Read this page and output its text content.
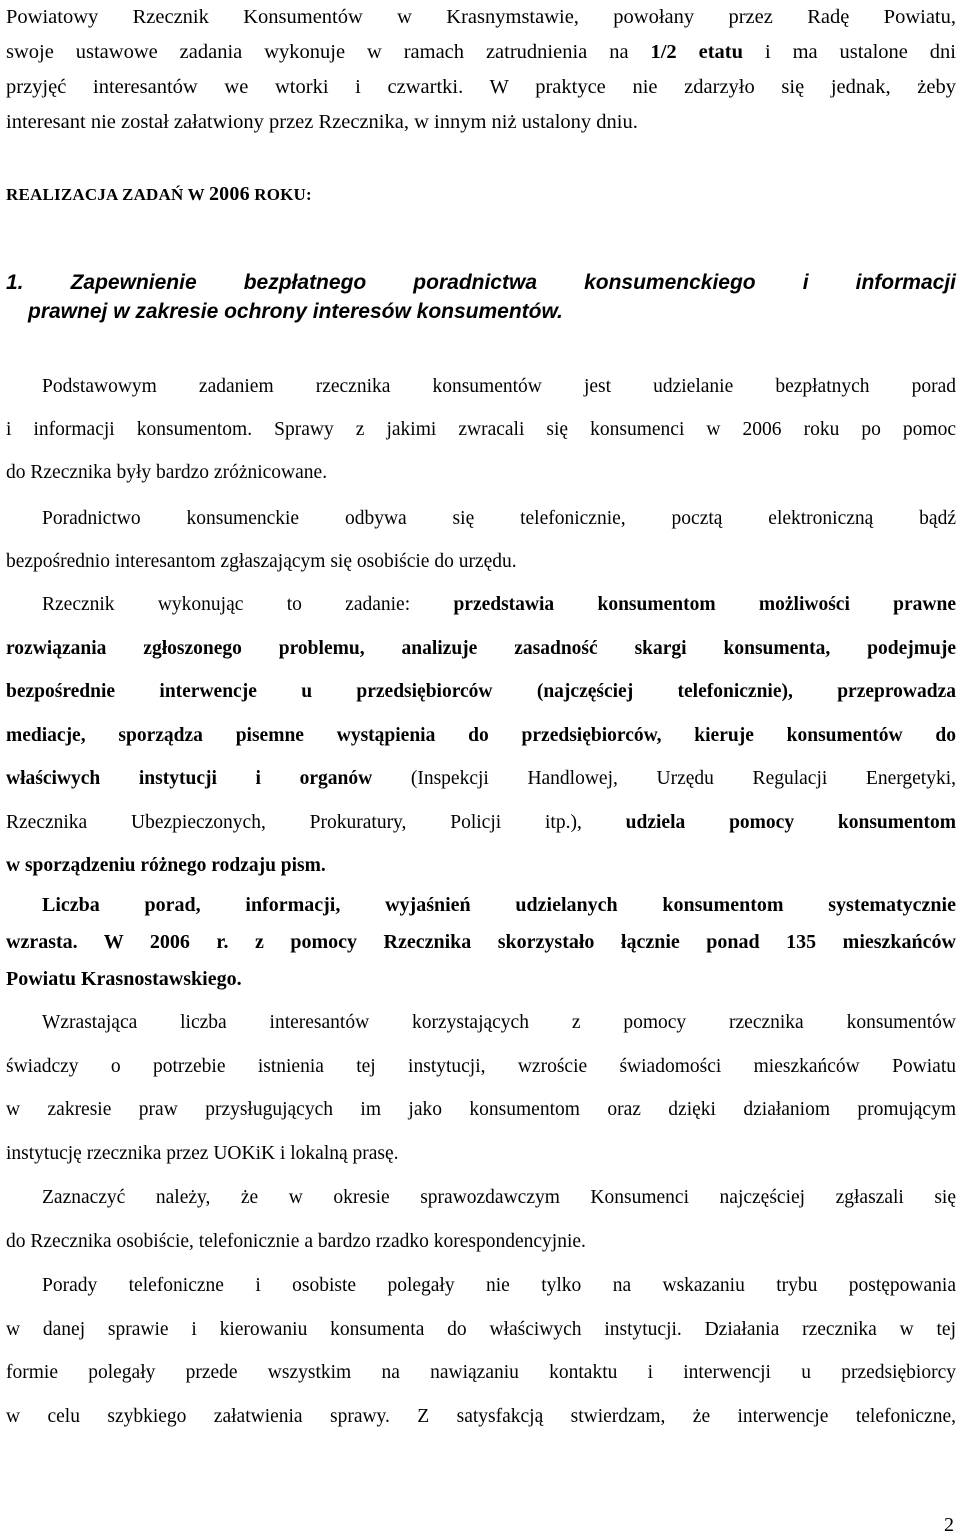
Powiatowy Rzecznik Konsumentów w Krasnymstawie, powołany przez Radę Powiatu,
swoje ustawowe zadania wykonuje w ramach zatrudnienia na 1/2 etatu i ma ustalone dni
przyjęć interesantów we wtorki i czwartki. W praktyce nie zdarzyło się jednak, żeby
interesant nie został załatwiony przez Rzecznika, w innym niż ustalony dniu.
REALIZACJA ZADAŃ W 2006 ROKU:
1. Zapewnienie bezpłatnego poradnictwa konsumenckiego i informacji
prawnej w zakresie ochrony interesów konsumentów.
Podstawowym zadaniem rzecznika konsumentów jest udzielanie bezpłatnych porad
i informacji konsumentom. Sprawy z jakimi zwracali się konsumenci w 2006 roku po pomoc
do Rzecznika były bardzo zróżnicowane.
Poradnictwo konsumenckie odbywa się telefonicznie, pocztą elektroniczną bądź
bezpośrednio interesantom zgłaszającym się osobiście do urzędu.
Rzecznik wykonując to zadanie: przedstawia konsumentom możliwości prawne
rozwiązania zgłoszonego problemu, analizuje zasadność skargi konsumenta, podejmuje
bezpośrednie interwencje u przedsiębiorców (najczęściej telefonicznie), przeprowadza
mediacje, sporządza pisemne wystąpienia do przedsiębiorców, kieruje konsumentów do
właściwych instytucji i organów (Inspekcji Handlowej, Urzędu Regulacji Energetyki,
Rzecznika Ubezpieczonych, Prokuratury, Policji itp.), udziela pomocy konsumentom
w sporządzeniu różnego rodzaju pism.
Liczba porad, informacji, wyjaśnień udzielanych konsumentom systematycznie
wzrasta. W 2006 r. z pomocy Rzecznika skorzystało łącznie ponad 135 mieszkańców
Powiatu Krasnostawskiego.
Wzrastająca liczba interesantów korzystających z pomocy rzecznika konsumentów
świadczy o potrzebie istnienia tej instytucji, wzroście świadomości mieszkańców Powiatu
w zakresie praw przysługujących im jako konsumentom oraz dzięki działaniom promującym
instytucję rzecznika przez UOKiK i lokalną prasę.
Zaznaczyć należy, że w okresie sprawozdawczym Konsumenci najczęściej zgłaszali się
do Rzecznika osobiście, telefonicznie a bardzo rzadko korespondencyjnie.
Porady telefoniczne i osobiste polegały nie tylko na wskazaniu trybu postępowania
w danej sprawie i kierowaniu konsumenta do właściwych instytucji. Działania rzecznika w tej
formie polegały przede wszystkim na nawiązaniu kontaktu i interwencji u przedsiębiorcy
w celu szybkiego załatwienia sprawy. Z satysfakcją stwierdzam, że interwencje telefoniczne,
2
